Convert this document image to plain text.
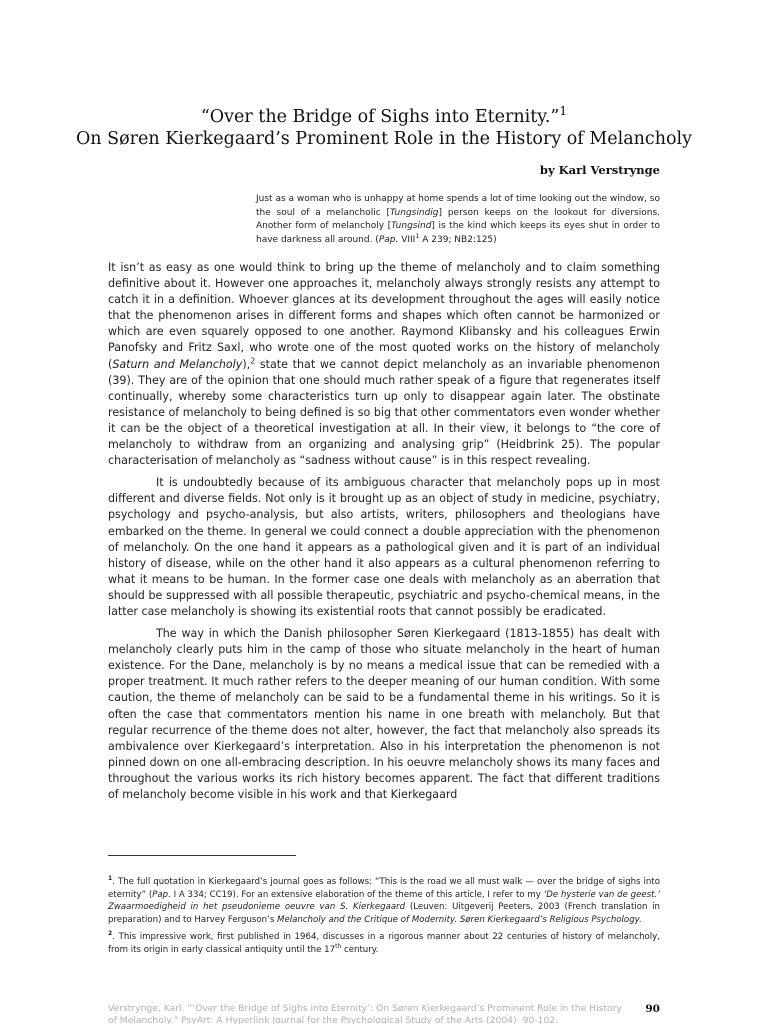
“Over the Bridge of Sighs into Eternity.”$^1$
On Søren Kierkegaard’s Prominent Role in the History of Melancholy
by Karl Verstrynge
Just as a woman who is unhappy at home spends a lot of time looking out the window, so the soul of a melancholic [Tungsindig] person keeps on the lookout for diversions. Another form of melancholy [Tungsind] is the kind which keeps its eyes shut in order to have darkness all around. (Pap. VIII$^1$ A 239; NB2:125)

It isn’t as easy as one would think to bring up the theme of melancholy and to claim something definitive about it. However one approaches it, melancholy always strongly resists any attempt to catch it in a definition. Whoever glances at its development throughout the ages will easily notice that the phenomenon arises in different forms and shapes which often cannot be harmonized or which are even squarely opposed to one another. Raymond Klibansky and his colleagues Erwin Panofsky and Fritz Saxl, who wrote one of the most quoted works on the history of melancholy (Saturn and Melancholy),$^2$ state that we cannot depict melancholy as an invariable phenomenon (39). They are of the opinion that one should much rather speak of a figure that regenerates itself continually, whereby some characteristics turn up only to disappear again later. The obstinate resistance of melancholy to being defined is so big that other commentators even wonder whether it can be the object of a theoretical investigation at all. In their view, it belongs to “the core of melancholy to withdraw from an organizing and analysing grip” (Heidbrink 25). The popular characterisation of melancholy as “sadness without cause” is in this respect revealing.

It is undoubtedly because of its ambiguous character that melancholy pops up in most different and diverse fields. Not only is it brought up as an object of study in medicine, psychiatry, psychology and psycho-analysis, but also artists, writers, philosophers and theologians have embarked on the theme. In general we could connect a double appreciation with the phenomenon of melancholy. On the one hand it appears as a pathological given and it is part of an individual history of disease, while on the other hand it also appears as a cultural phenomenon referring to what it means to be human. In the former case one deals with melancholy as an aberration that should be suppressed with all possible therapeutic, psychiatric and psycho-chemical means, in the latter case melancholy is showing its existential roots that cannot possibly be eradicated.

The way in which the Danish philosopher Søren Kierkegaard (1813-1855) has dealt with melancholy clearly puts him in the camp of those who situate melancholy in the heart of human existence. For the Dane, melancholy is by no means a medical issue that can be remedied with a proper treatment. It much rather refers to the deeper meaning of our human condition. With some caution, the theme of melancholy can be said to be a fundamental theme in his writings. So it is often the case that commentators mention his name in one breath with melancholy. But that regular recurrence of the theme does not alter, however, the fact that melancholy also spreads its ambivalence over Kierkegaard’s interpretation. Also in his interpretation the phenomenon is not pinned down on one all-embracing description. In his oeuvre melancholy shows its many faces and throughout the various works its rich history becomes apparent. The fact that different traditions of melancholy become visible in his work and that Kierkegaard

$^1$. The full quotation in Kierkegaard’s journal goes as follows: “This is the road we all must walk — over the bridge of sighs into eternity” (Pap. I A 334; CC19). For an extensive elaboration of the theme of this article, I refer to my ‘De hysterie van de geest.’ Zwaarmoedigheid in het pseudonieme oeuvre van S. Kierkegaard (Leuven: Uitgeverij Peeters, 2003 (French translation in preparation) and to Harvey Ferguson’s Melancholy and the Critique of Modernity. Søren Kierkegaard’s Religious Psychology.

$^2$. This impressive work, first published in 1964, discusses in a rigorous manner about 22 centuries of history of melancholy, from its origin in early classical antiquity until the 17th century.

Verstrynge, Karl. “‘Over the Bridge of Sighs into Eternity’: On Søren Kierkegaard’s Prominent Role in the History of Melancholy.” PsyArt: A Hyperlink Journal for the Psychological Study of the Arts (2004): 90-102.
90
